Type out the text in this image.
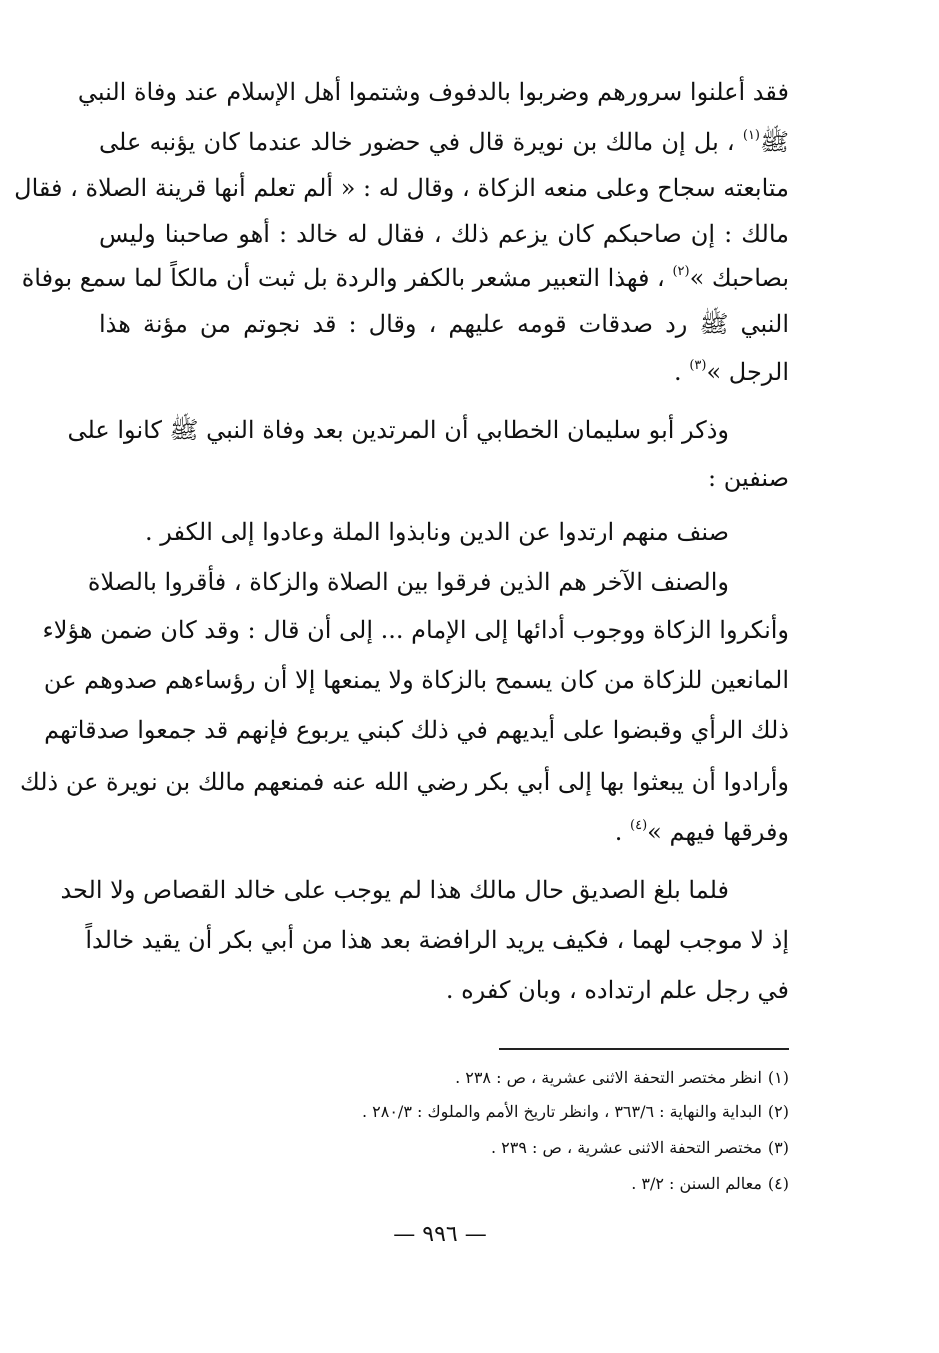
فقد أعلنوا سرورهم وضربوا بالدفوف وشتموا أهل الإسلام عند وفاة النبي
ﷺ$^{(١)}$ ، بل إن مالك بن نويرة قال في حضور خالد عندما كان يؤنبه على
متابعته سجاح وعلى منعه الزكاة ، وقال له : « ألم تعلم أنها قرينة الصلاة ، فقال
مالك : إن صاحبكم كان يزعم ذلك ، فقال له خالد : أهو صاحبنا وليس
بصاحبك »$^{(٢)}$ ، فهذا التعبير مشعر بالكفر والردة بل ثبت أن مالكاً لما سمع بوفاة
النبي ﷺ رد صدقات قومه عليهم ، وقال : قد نجوتم من مؤنة هذا
الرجل »$^{(٣)}$ .
وذكر أبو سليمان الخطابي أن المرتدين بعد وفاة النبي ﷺ كانوا على
صنفين :
صنف منهم ارتدوا عن الدين ونابذوا الملة وعادوا إلى الكفر .
والصنف الآخر هم الذين فرقوا بين الصلاة والزكاة ، فأقروا بالصلاة
وأنكروا الزكاة ووجوب أدائها إلى الإمام ... إلى أن قال : وقد كان ضمن هؤلاء
المانعين للزكاة من كان يسمح بالزكاة ولا يمنعها إلا أن رؤساءهم صدوهم عن
ذلك الرأي وقبضوا على أيديهم في ذلك كبني يربوع فإنهم قد جمعوا صدقاتهم
وأرادوا أن يبعثوا بها إلى أبي بكر رضي الله عنه فمنعهم مالك بن نويرة عن ذلك
وفرقها فيهم »$^{(٤)}$ .
فلما بلغ الصديق حال مالك هذا لم يوجب على خالد القصاص ولا الحد
إذ لا موجب لهما ، فكيف يريد الرافضة بعد هذا من أبي بكر أن يقيد خالداً
في رجل علم ارتداده ، وبان كفره .
(١)انظر مختصر التحفة الاثنى عشرية ، ص : ٢٣٨ .
(٢)البداية والنهاية : ٣٦٣/٦ ، وانظر تاريخ الأمم والملوك : ٢٨٠/٣ .
(٣)مختصر التحفة الاثنى عشرية ، ص : ٢٣٩ .
(٤)معالم السنن : ٣/٢ .
— ٩٩٦ —
